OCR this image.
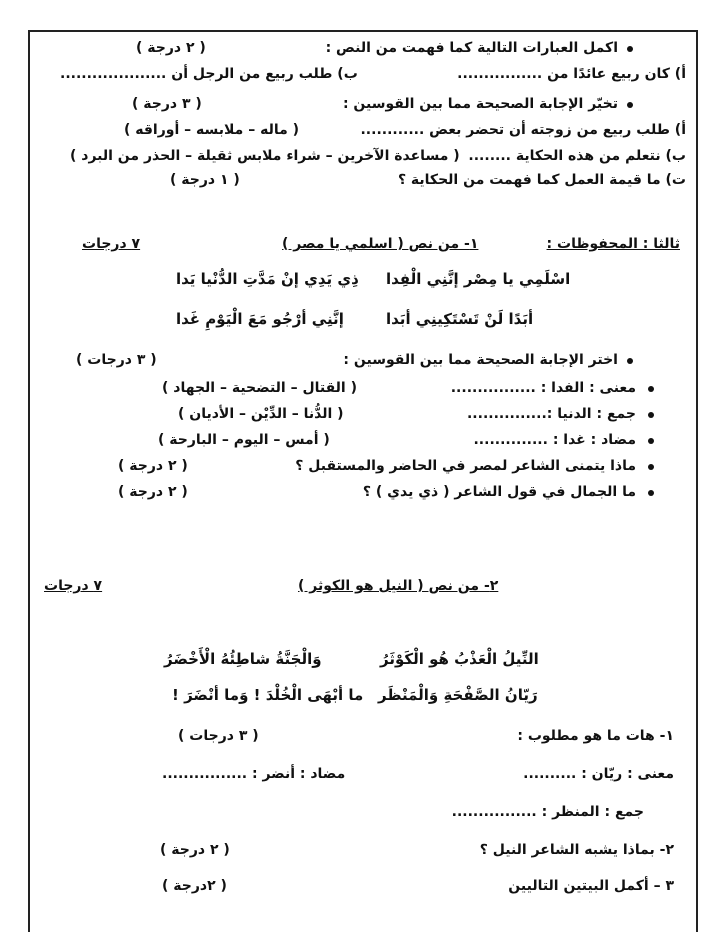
اكمل العبارات التالية كما فهمت من النص :
( ٢ درجة )
أ) كان ربيع عائدًا من ................
ب) طلب ربيع من الرجل أن ....................
تخيّر الإجابة الصحيحة مما بين القوسين :
( ٣ درجة )
أ) طلب ربيع من زوجته أن تحضر بعض ............
( ماله – ملابسه – أوراقه )
ب) نتعلم من هذه الحكاية ........
( مساعدة الآخرين – شراء ملابس ثقيلة – الحذر من البرد )
ت) ما قيمة العمل كما فهمت من الحكاية ؟
( ١ درجة )
ثالثا : المحفوظات :
١- من نص ( اسلمي يا مصر )
٧ درجات
اسْلَمِي يا مِصْر إنَّنِي الْفِدا
ذِي يَدِي إنْ مَدَّتِ الدُّنْيا يَدا
أبَدًا لَنْ تَسْتَكِينِي أبَدا
إنَّنِي أرْجُو مَعَ الْيَوْمِ غَدا
اختر الإجابة الصحيحة مما بين القوسين :
( ٣ درجات )
معنى : الفدا : ................
( القتال – التضحية – الجهاد )
جمع : الدنيا :...............
( الدُّنا – الدِّيْن – الأديان )
مضاد : غدا : ..............
( أمس – اليوم – البارحة )
ماذا يتمنى الشاعر لمصر في الحاضر والمستقبل ؟
( ٢ درجة )
ما الجمال في قول الشاعر ( ذي يدي ) ؟
( ٢ درجة )
٢- من نص ( النيل هو الكوثر )
٧ درجات
النِّيلُ الْعَذْبُ هُو الْكَوْثَرُ
وَالْجَنَّةُ شاطِئُهُ الْأَخْضَرُ
رَيّانُ الصَّفْحَةِ وَالْمَنْظَر
ما أبْهَى الْخُلْدَ ! وَما أنْضَرَ !
١- هات ما هو مطلوب :
( ٣ درجات )
معنى : ريّان : ..........
مضاد : أنضر : ................
جمع : المنظر : ................
٢- بماذا يشبه الشاعر النيل ؟
( ٢ درجة )
٣ – أكمل البيتين التاليين
( ٢درجة )
